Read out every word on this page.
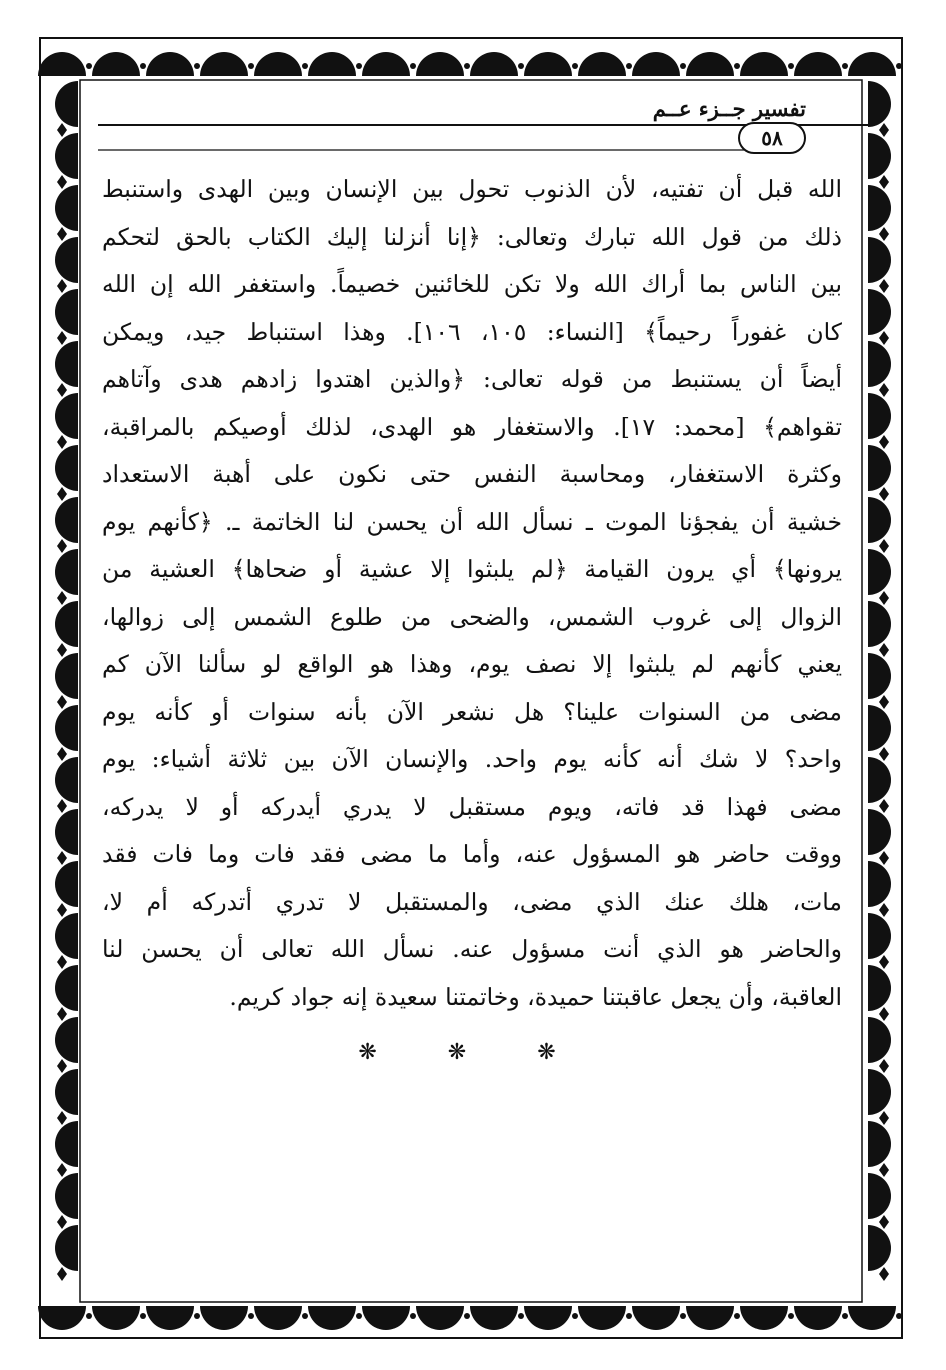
تفسير جــزء عــم
٥٨
الله قبل أن تفتيه، لأن الذنوب تحول بين الإنسان وبين الهدى واستنبط
ذلك من قول الله تبارك وتعالى: ﴿إنا أنزلنا إليك الكتاب بالحق لتحكم
بين الناس بما أراك الله ولا تكن للخائنين خصيماً. واستغفر الله إن الله
كان غفوراً رحيماً﴾ [النساء: ١٠٥، ١٠٦]. وهذا استنباط جيد، ويمكن
أيضاً أن يستنبط من قوله تعالى: ﴿والذين اهتدوا زادهم هدى وآتاهم
تقواهم﴾ [محمد: ١٧]. والاستغفار هو الهدى، لذلك أوصيكم بالمراقبة،
وكثرة الاستغفار، ومحاسبة النفس حتى نكون على أهبة الاستعداد
خشية أن يفجؤنا الموت ـ نسأل الله أن يحسن لنا الخاتمة ـ. ﴿كأنهم يوم
يرونها﴾ أي يرون القيامة ﴿لم يلبثوا إلا عشية أو ضحاها﴾ العشية من
الزوال إلى غروب الشمس، والضحى من طلوع الشمس إلى زوالها،
يعني كأنهم لم يلبثوا إلا نصف يوم، وهذا هو الواقع لو سألنا الآن كم
مضى من السنوات علينا؟ هل نشعر الآن بأنه سنوات أو كأنه يوم
واحد؟ لا شك أنه كأنه يوم واحد. والإنسان الآن بين ثلاثة أشياء: يوم
مضى فهذا قد فاته، ويوم مستقبل لا يدري أيدركه أو لا يدركه،
ووقت حاضر هو المسؤول عنه، وأما ما مضى فقد فات وما فات فقد
مات، هلك عنك الذي مضى، والمستقبل لا تدري أتدركه أم لا،
والحاضر هو الذي أنت مسؤول عنه. نسأل الله تعالى أن يحسن لنا
العاقبة، وأن يجعل عاقبتنا حميدة، وخاتمتنا سعيدة إنه جواد كريم.
❋ ❋ ❋
